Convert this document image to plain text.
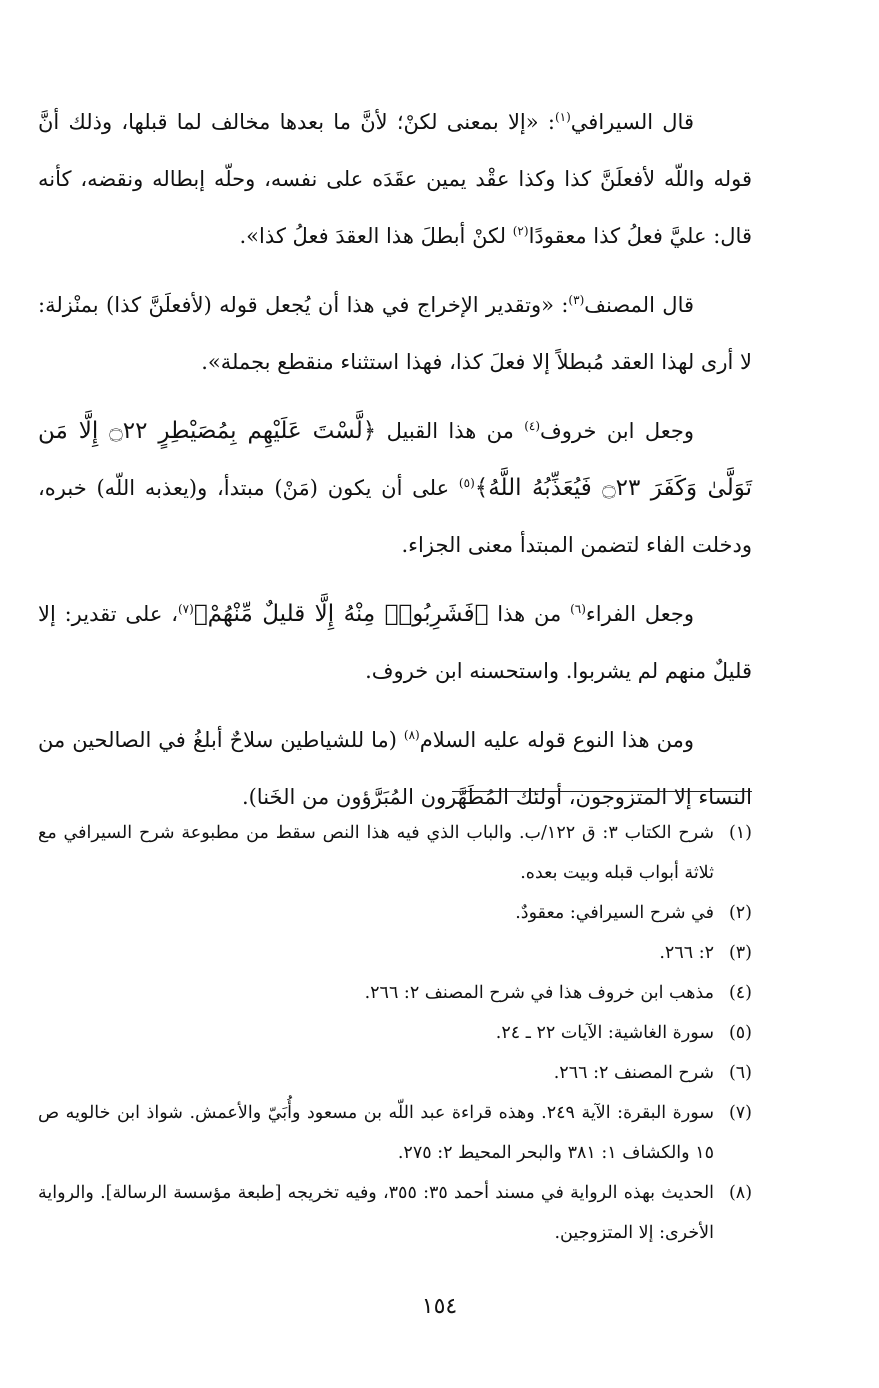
قال السيرافي$^{(١)}$: «إلا بمعنى لكنْ؛ لأنَّ ما بعدها مخالف لما قبلها، وذلك أنَّ قوله واللّه لأفعلَنَّ كذا وكذا عقْد يمين عقَدَه على نفسه، وحلّه إبطاله ونقضه، كأنه قال: عليَّ فعلُ كذا معقودًا$^{(٢)}$ لكنْ أبطلَ هذا العقدَ فعلُ كذا».

قال المصنف$^{(٣)}$: «وتقدير الإخراج في هذا أن يُجعل قوله (لأفعلَنَّ كذا) بمنْزلة: لا أرى لهذا العقد مُبطلاً إلا فعلَ كذا، فهذا استثناء منقطع بجملة».

وجعل ابن خروف$^{(٤)}$ من هذا القبيل ﴿لَّسْتَ عَلَيْهِم بِمُصَيْطِرٍ ۝٢٢ إِلَّا مَن تَوَلَّىٰ وَكَفَرَ ۝٢٣ فَيُعَذِّبُهُ اللَّهُ﴾$^{(٥)}$ على أن يكون (مَنْ) مبتدأ، و(يعذبه اللّه) خبره، ودخلت الفاء لتضمن المبتدأ معنى الجزاء.

وجعل الفراء$^{(٦)}$ من هذا ﴿فَشَرِبُوا۟ مِنْهُ إِلَّا قليلٌ مِّنْهُمْ﴾$^{(٧)}$، على تقدير: إلا قليلٌ منهم لم يشربوا. واستحسنه ابن خروف.

ومن هذا النوع قوله عليه السلام$^{(٨)}$ (ما للشياطين سلاحٌ أبلغُ في الصالحين من النساء إلا المتزوجون، أولئك المُطَهَّرون المُبَرَّؤون من الخَنا).

(١)شرح الكتاب ٣: ق ١٢٢/ب. والباب الذي فيه هذا النص سقط من مطبوعة شرح السيرافي مع ثلاثة أبواب قبله وبيت بعده.

(٢)في شرح السيرافي: معقودٌ.

(٣)٢: ٢٦٦.

(٤)مذهب ابن خروف هذا في شرح المصنف ٢: ٢٦٦.

(٥)سورة الغاشية: الآيات ٢٢ ـ ٢٤.

(٦)شرح المصنف ٢: ٢٦٦.

(٧)سورة البقرة: الآية ٢٤٩. وهذه قراءة عبد اللّه بن مسعود وأُبَيّ والأعمش. شواذ ابن خالويه ص ١٥ والكشاف ١: ٣٨١ والبحر المحيط ٢: ٢٧٥.

(٨)الحديث بهذه الرواية في مسند أحمد ٣٥: ٣٥٥، وفيه تخريجه [طبعة مؤسسة الرسالة]. والرواية الأخرى: إلا المتزوجين.

١٥٤
